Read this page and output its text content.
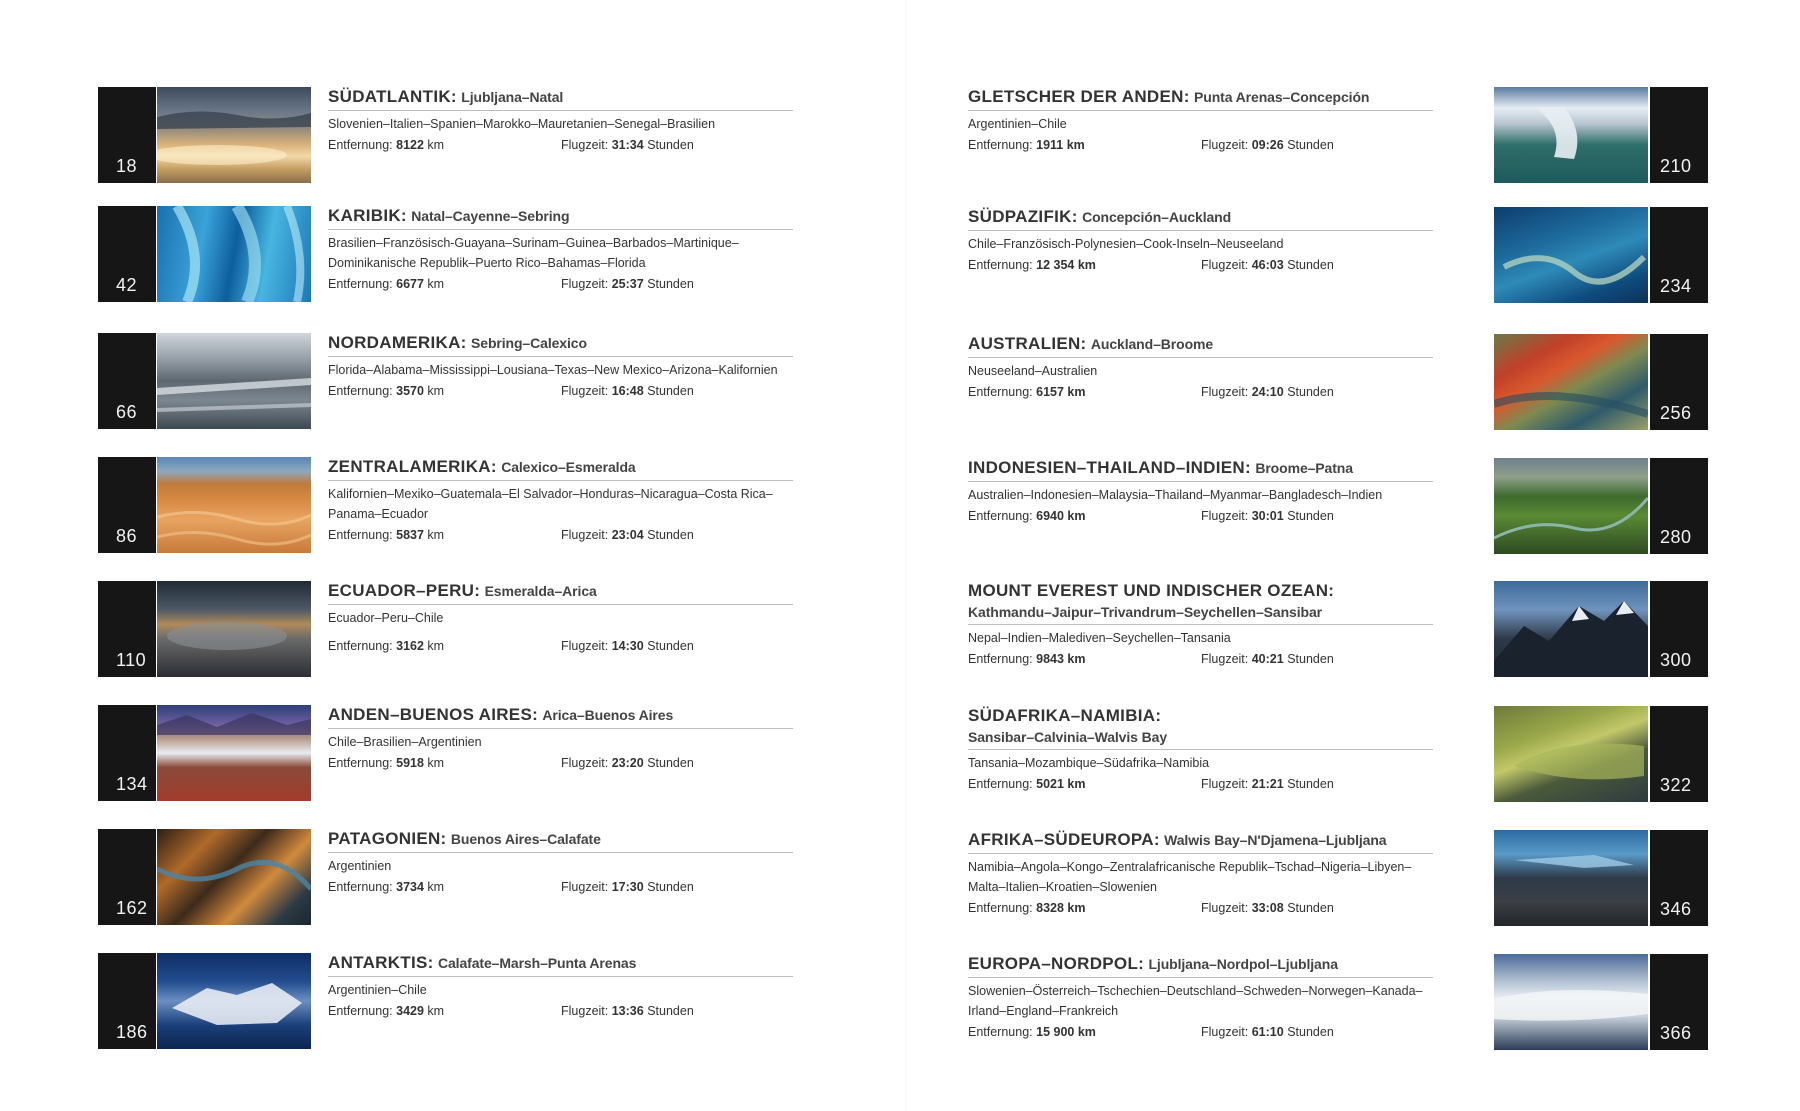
18
SÜDATLANTIK: Ljubljana–Natal
Slovenien–Italien–Spanien–Marokko–Mauretanien–Senegal–Brasilien
Entfernung: 8122 km	Flugzeit: 31:34 Stunden
42
KARIBIK: Natal–Cayenne–Sebring
Brasilien–Französisch-Guayana–Surinam–Guinea–Barbados–Martinique–Dominikanische Republik–Puerto Rico–Bahamas–Florida
Entfernung: 6677 km	Flugzeit: 25:37 Stunden
66
NORDAMERIKA: Sebring–Calexico
Florida–Alabama–Mississippi–Lousiana–Texas–New Mexico–Arizona–Kalifornien
Entfernung: 3570 km	Flugzeit: 16:48 Stunden
86
ZENTRALAMERIKA: Calexico–Esmeralda
Kalifornien–Mexiko–Guatemala–El Salvador–Honduras–Nicaragua–Costa Rica–Panama–Ecuador
Entfernung: 5837 km	Flugzeit: 23:04 Stunden
110
ECUADOR–PERU: Esmeralda–Arica
Ecuador–Peru–Chile
Entfernung: 3162 km	Flugzeit: 14:30 Stunden
134
ANDEN–BUENOS AIRES: Arica–Buenos Aires
Chile–Brasilien–Argentinien
Entfernung: 5918 km	Flugzeit: 23:20 Stunden
162
PATAGONIEN: Buenos Aires–Calafate
Argentinien
Entfernung: 3734 km	Flugzeit: 17:30 Stunden
186
ANTARKTIS: Calafate–Marsh–Punta Arenas
Argentinien–Chile
Entfernung: 3429 km	Flugzeit: 13:36 Stunden
210
GLETSCHER DER ANDEN: Punta Arenas–Concepción
Argentinien–Chile
Entfernung: 1911 km	Flugzeit: 09:26 Stunden
234
SÜDPAZIFIK: Concepción–Auckland
Chile–Französisch-Polynesien–Cook-Inseln–Neuseeland
Entfernung: 12 354 km	Flugzeit: 46:03 Stunden
256
AUSTRALIEN: Auckland–Broome
Neuseeland–Australien
Entfernung: 6157 km	Flugzeit: 24:10 Stunden
280
INDONESIEN–THAILAND–INDIEN: Broome–Patna
Australien–Indonesien–Malaysia–Thailand–Myanmar–Bangladesch–Indien
Entfernung: 6940 km	Flugzeit: 30:01 Stunden
300
MOUNT EVEREST UND INDISCHER OZEAN:
Kathmandu–Jaipur–Trivandrum–Seychellen–Sansibar
Nepal–Indien–Malediven–Seychellen–Tansania
Entfernung: 9843 km	Flugzeit: 40:21 Stunden
322
SÜDAFRIKA–NAMIBIA:
Sansibar–Calvinia–Walvis Bay
Tansania–Mozambique–Südafrika–Namibia
Entfernung: 5021 km	Flugzeit: 21:21 Stunden
346
AFRIKA–SÜDEUROPA: Walwis Bay–N'Djamena–Ljubljana
Namibia–Angola–Kongo–Zentralafricanische Republik–Tschad–Nigeria–Libyen–Malta–Italien–Kroatien–Slowenien
Entfernung: 8328 km	Flugzeit: 33:08 Stunden
366
EUROPA–NORDPOL: Ljubljana–Nordpol–Ljubljana
Slowenien–Österreich–Tschechien–Deutschland–Schweden–Norwegen–Kanada–Irland–England–Frankreich
Entfernung: 15 900 km	Flugzeit: 61:10 Stunden
